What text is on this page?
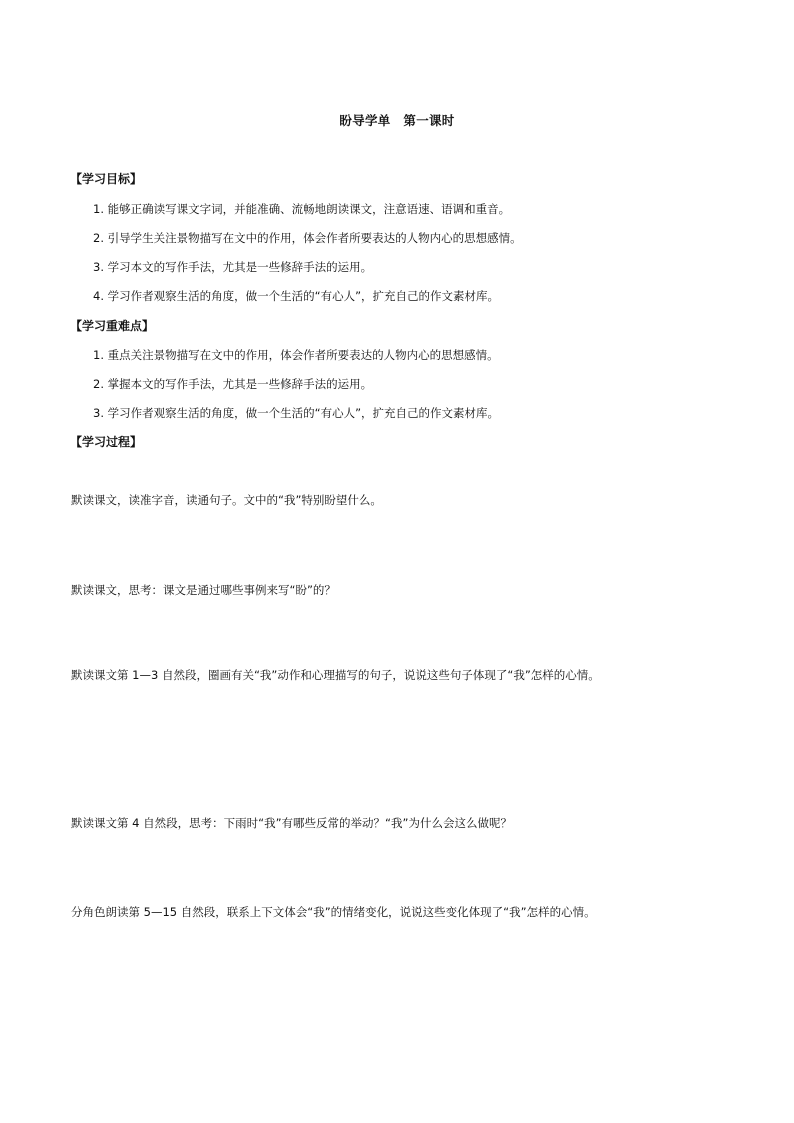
盼导学单　第一课时
【学习目标】
1. 能够正确读写课文字词，并能准确、流畅地朗读课文，注意语速、语调和重音。
2. 引导学生关注景物描写在文中的作用，体会作者所要表达的人物内心的思想感情。
3. 学习本文的写作手法，尤其是一些修辞手法的运用。
4. 学习作者观察生活的角度，做一个生活的“有心人”，扩充自己的作文素材库。
【学习重难点】
1. 重点关注景物描写在文中的作用，体会作者所要表达的人物内心的思想感情。
2. 掌握本文的写作手法，尤其是一些修辞手法的运用。
3. 学习作者观察生活的角度，做一个生活的“有心人”，扩充自己的作文素材库。
【学习过程】
默读课文，读准字音，读通句子。文中的“我”特别盼望什么。
默读课文，思考：课文是通过哪些事例来写“盼”的？
默读课文第 1—3 自然段，圈画有关“我”动作和心理描写的句子，说说这些句子体现了“我”怎样的心情。
默读课文第 4 自然段，思考：下雨时“我”有哪些反常的举动？“我”为什么会这么做呢？
分角色朗读第 5—15 自然段，联系上下文体会“我”的情绪变化，说说这些变化体现了“我”怎样的心情。
